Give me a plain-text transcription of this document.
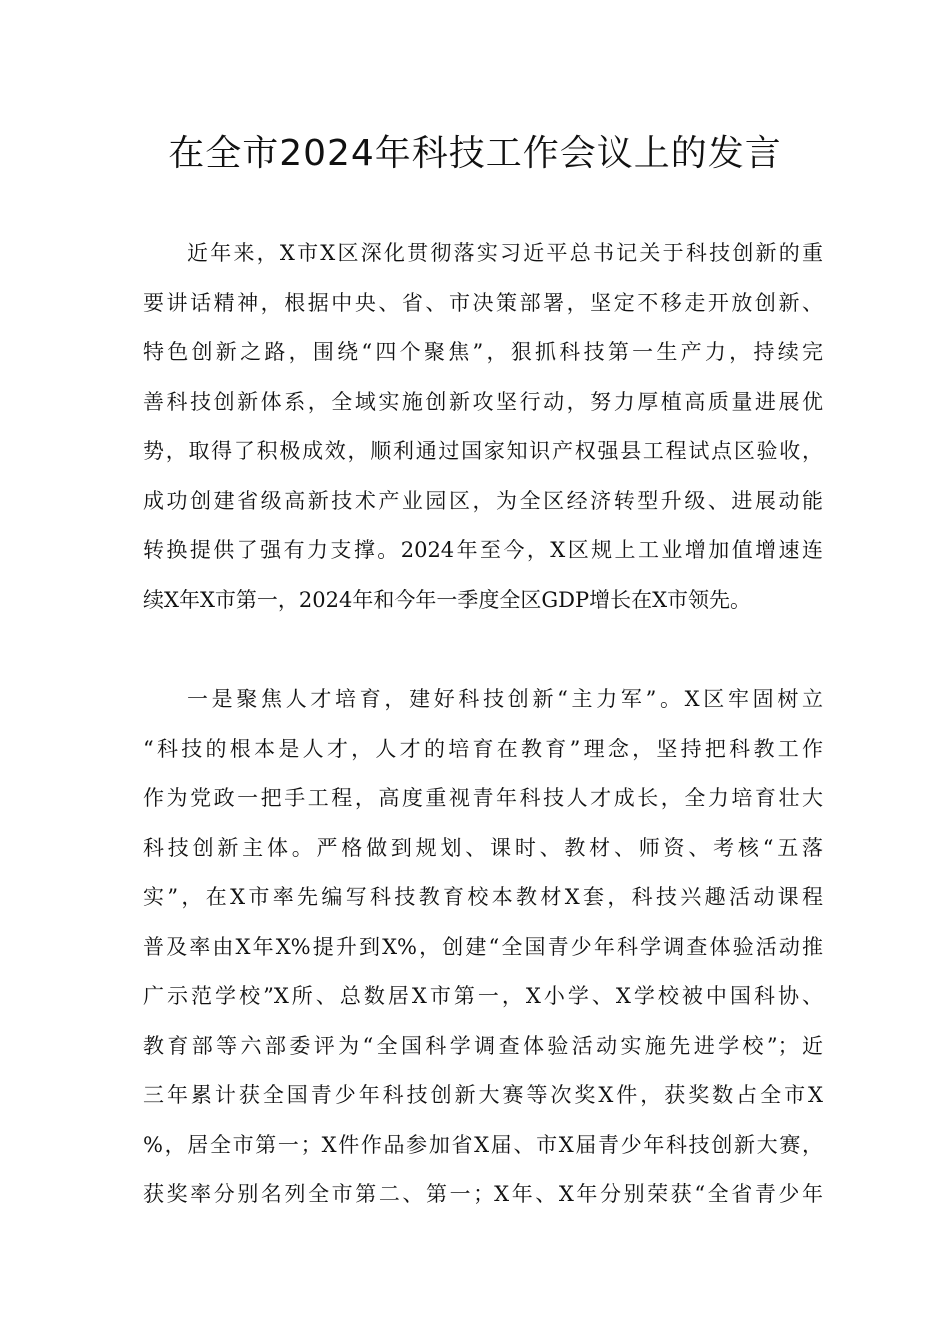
在全市2024年科技工作会议上的发言
近年来，X市X区深化贯彻落实习近平总书记关于科技创新的重
要讲话精神，根据中央、省、市决策部署，坚定不移走开放创新、
特色创新之路，围绕“四个聚焦”，狠抓科技第一生产力，持续完
善科技创新体系，全域实施创新攻坚行动，努力厚植高质量进展优
势，取得了积极成效，顺利通过国家知识产权强县工程试点区验收，
成功创建省级高新技术产业园区，为全区经济转型升级、进展动能
转换提供了强有力支撑。2024年至今，X区规上工业增加值增速连
续X年X市第一，2024年和今年一季度全区GDP增长在X市领先。
一是聚焦人才培育，建好科技创新“主力军”。X区牢固树立
“科技的根本是人才，人才的培育在教育”理念，坚持把科教工作
作为党政一把手工程，高度重视青年科技人才成长，全力培育壮大
科技创新主体。严格做到规划、课时、教材、师资、考核“五落
实”，在X市率先编写科技教育校本教材X套，科技兴趣活动课程
普及率由X年X%提升到X%，创建“全国青少年科学调查体验活动推
广示范学校”X所、总数居X市第一，X小学、X学校被中国科协、
教育部等六部委评为“全国科学调查体验活动实施先进学校”；近
三年累计获全国青少年科技创新大赛等次奖X件，获奖数占全市X
%，居全市第一；X件作品参加省X届、市X届青少年科技创新大赛，
获奖率分别名列全市第二、第一；X年、X年分别荣获“全省青少年
